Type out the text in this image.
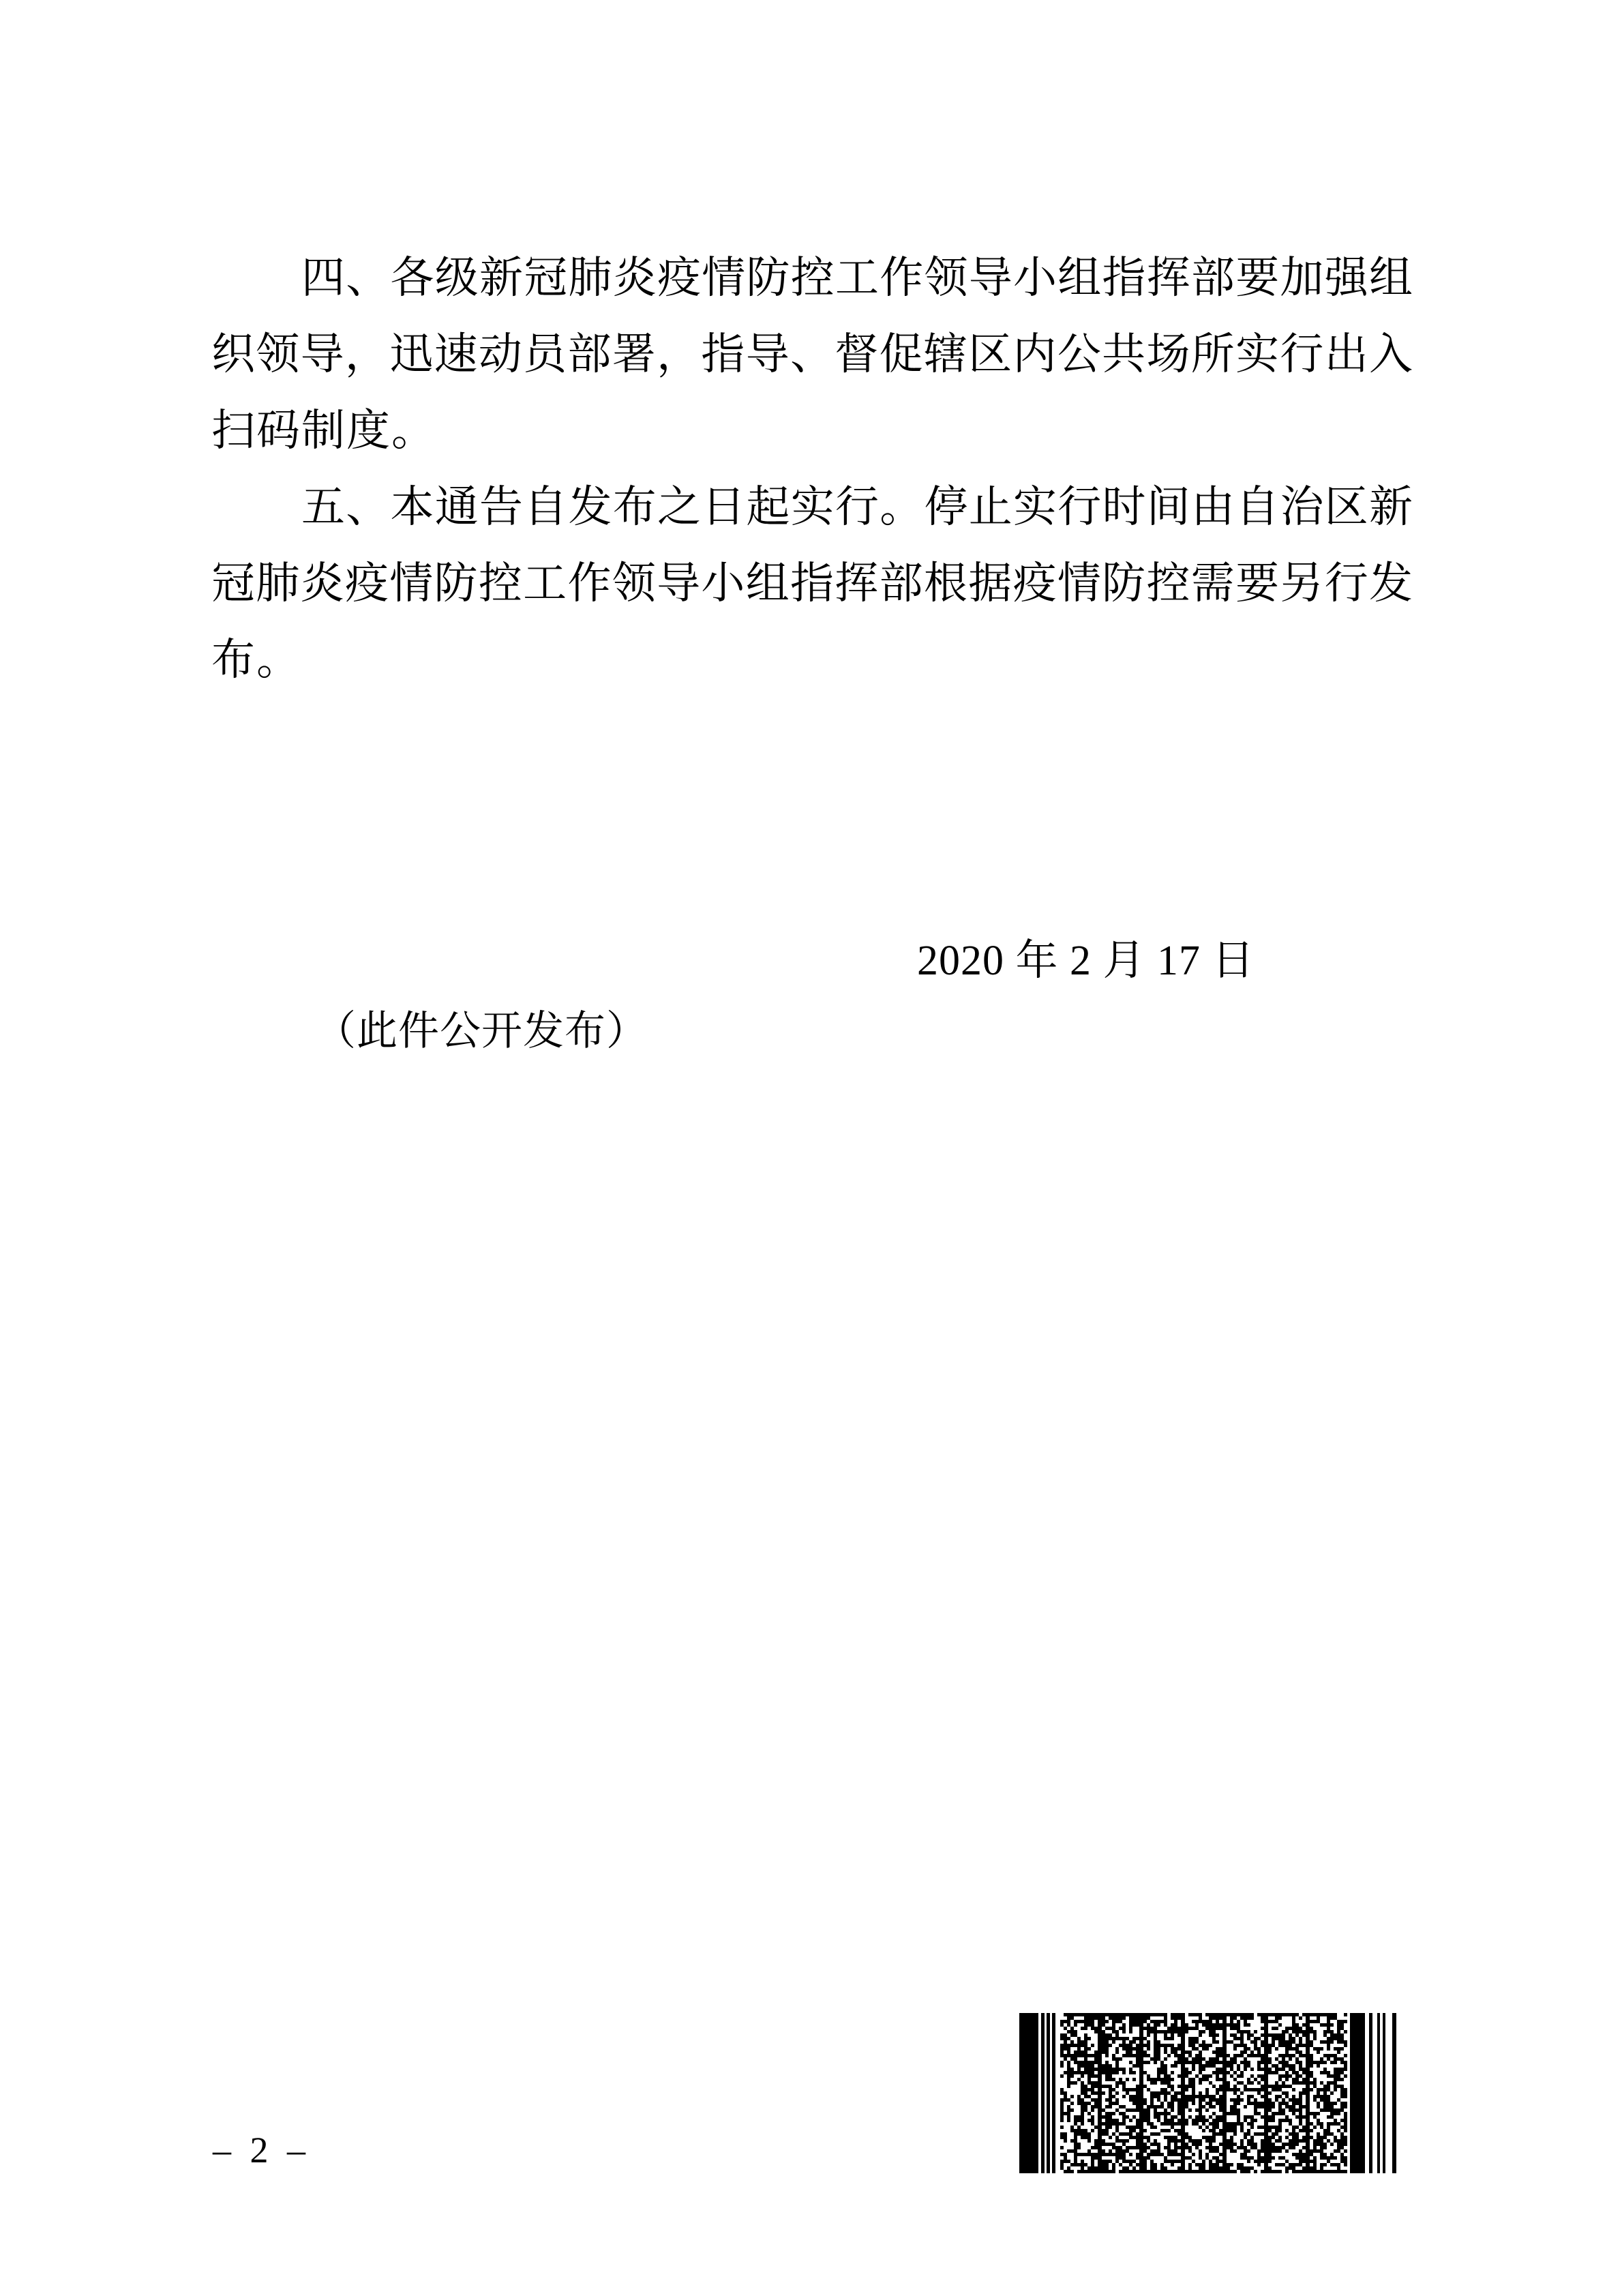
四、各级新冠肺炎疫情防控工作领导小组指挥部要加强组
织领导，迅速动员部署，指导、督促辖区内公共场所实行出入
扫码制度。
五、本通告自发布之日起实行。停止实行时间由自治区新
冠肺炎疫情防控工作领导小组指挥部根据疫情防控需要另行发
布。
2020 年 2 月 17 日
（此件公开发布）
– 2 –
